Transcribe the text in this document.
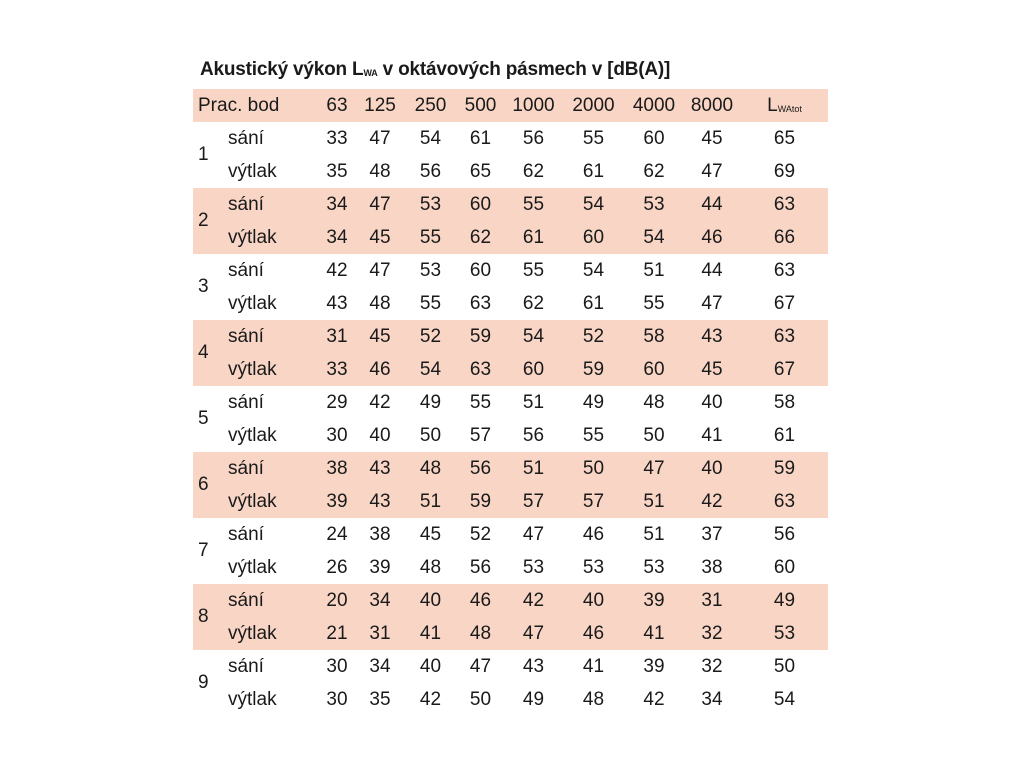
Akustický výkon $L_{WA}$ v oktávových pásmech v [dB(A)]
Prac. bod	63 125 250 500 1000 2000 4000 8000	$L_{WAtot}$
1
sání	33	47	54	61	56	55	60	45	65
výtlak	35	48	56	65	62	61	62	47	69
2
sání	34	47	53	60	55	54	53	44	63
výtlak	34	45	55	62	61	60	54	46	66
3
sání	42	47	53	60	55	54	51	44	63
výtlak	43	48	55	63	62	61	55	47	67
4
sání	31	45	52	59	54	52	58	43	63
výtlak	33	46	54	63	60	59	60	45	67
5
sání	29	42	49	55	51	49	48	40	58
výtlak	30	40	50	57	56	55	50	41	61
6
sání	38	43	48	56	51	50	47	40	59
výtlak	39	43	51	59	57	57	51	42	63
7
sání	24	38	45	52	47	46	51	37	56
výtlak	26	39	48	56	53	53	53	38	60
8
sání	20	34	40	46	42	40	39	31	49
výtlak	21	31	41	48	47	46	41	32	53
9
sání	30	34	40	47	43	41	39	32	50
výtlak	30	35	42	50	49	48	42	34	54
